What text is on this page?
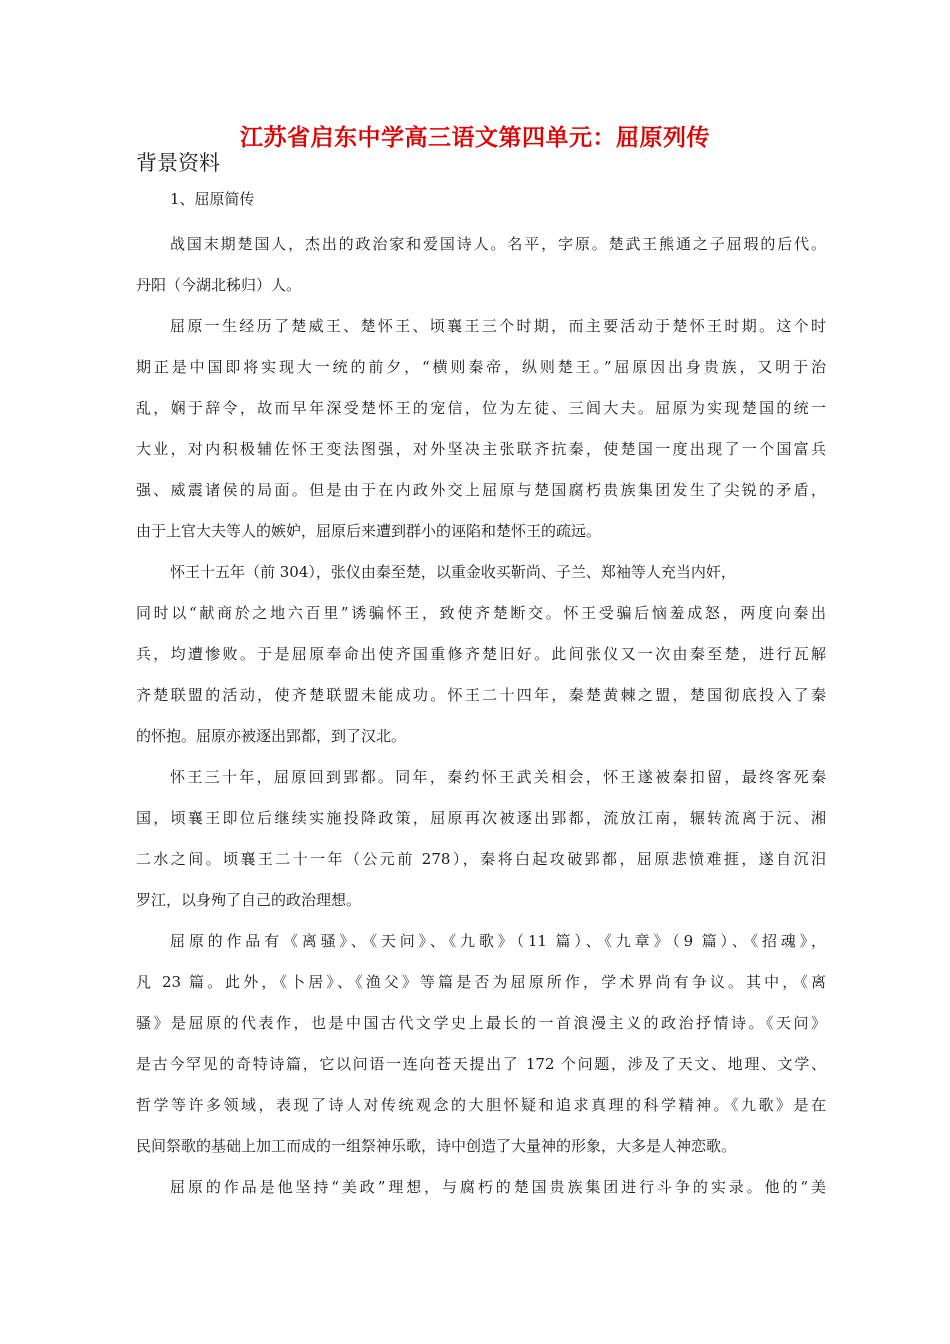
江苏省启东中学高三语文第四单元：屈原列传
背景资料
1、屈原简传
战国末期楚国人，杰出的政治家和爱国诗人。名平，字原。楚武王熊通之子屈瑕的后代。
丹阳（今湖北秭归）人。
屈原一生经历了楚威王、楚怀王、顷襄王三个时期，而主要活动于楚怀王时期。这个时
期正是中国即将实现大一统的前夕，“横则秦帝，纵则楚王。”屈原因出身贵族，又明于治
乱，娴于辞令，故而早年深受楚怀王的宠信，位为左徒、三闾大夫。屈原为实现楚国的统一
大业，对内积极辅佐怀王变法图强，对外坚决主张联齐抗秦，使楚国一度出现了一个国富兵
强、威震诸侯的局面。但是由于在内政外交上屈原与楚国腐朽贵族集团发生了尖锐的矛盾，
由于上官大夫等人的嫉妒，屈原后来遭到群小的诬陷和楚怀王的疏远。
怀王十五年（前 304），张仪由秦至楚，以重金收买靳尚、子兰、郑袖等人充当内奸，
同时以“献商於之地六百里”诱骗怀王，致使齐楚断交。怀王受骗后恼羞成怒，两度向秦出
兵，均遭惨败。于是屈原奉命出使齐国重修齐楚旧好。此间张仪又一次由秦至楚，进行瓦解
齐楚联盟的活动，使齐楚联盟未能成功。怀王二十四年，秦楚黄棘之盟，楚国彻底投入了秦
的怀抱。屈原亦被逐出郢都，到了汉北。
怀王三十年，屈原回到郢都。同年，秦约怀王武关相会，怀王遂被秦扣留，最终客死秦
国，顷襄王即位后继续实施投降政策，屈原再次被逐出郢都，流放江南，辗转流离于沅、湘
二水之间。顷襄王二十一年（公元前 278），秦将白起攻破郢都，屈原悲愤难捱，遂自沉汨
罗江，以身殉了自己的政治理想。
屈原的作品有《离骚》、《天问》、《九歌》（11 篇）、《九章》（9 篇）、《招魂》，
凡 23 篇。此外，《卜居》、《渔父》等篇是否为屈原所作，学术界尚有争议。其中，《离
骚》是屈原的代表作，也是中国古代文学史上最长的一首浪漫主义的政治抒情诗。《天问》
是古今罕见的奇特诗篇，它以问语一连向苍天提出了 172 个问题，涉及了天文、地理、文学、
哲学等许多领域，表现了诗人对传统观念的大胆怀疑和追求真理的科学精神。《九歌》是在
民间祭歌的基础上加工而成的一组祭神乐歌，诗中创造了大量神的形象，大多是人神恋歌。
屈原的作品是他坚持“美政”理想，与腐朽的楚国贵族集团进行斗争的实录。他的“美
